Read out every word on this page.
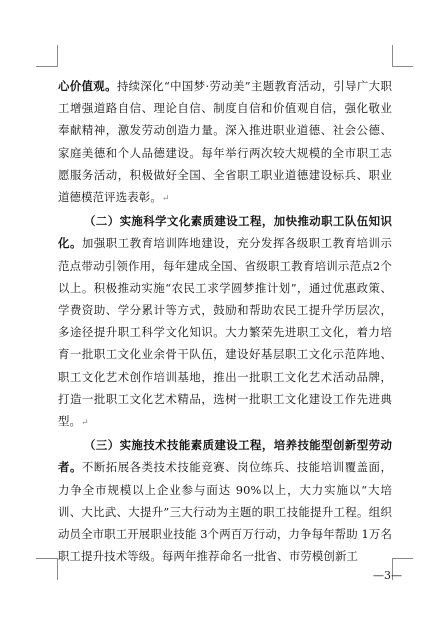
心价值观。持续深化“中国梦·劳动美”主题教育活动，引导广大职工增强道路自信、理论自信、制度自信和价值观自信，强化敬业奉献精神，激发劳动创造力量。深入推进职业道德、社会公德、家庭美德和个人品德建设。每年举行两次较大规模的全市职工志愿服务活动，积极做好全国、全省职工职业道德建设标兵、职业道德模范评选表彰。↵

（二）实施科学文化素质建设工程，加快推动职工队伍知识化。加强职工教育培训阵地建设，充分发挥各级职工教育培训示范点带动引领作用，每年建成全国、省级职工教育培训示范点2个以上。积极推动实施“农民工求学圆梦推计划”，通过优惠政策、学费资助、学分累计等方式，鼓励和帮助农民工提升学历层次，多途径提升职工科学文化知识。大力繁荣先进职工文化，着力培育一批职工文化业余骨干队伍，建设好基层职工文化示范阵地、职工文化艺术创作培训基地，推出一批职工文化艺术活动品牌，打造一批职工文化艺术精品，选树一批职工文化建设工作先进典型。↵

（三）实施技术技能素质建设工程，培养技能型创新型劳动者。不断拓展各类技术技能竞赛、岗位练兵、技能培训覆盖面，力争全市规模以上企业参与面达 90%以上，大力实施以“大培训、大比武、大提升”三大行动为主题的职工技能提升工程。组织动员全市职工开展职业技能 3个两百万行动，力争每年帮助 1万名职工提升技术等级。每两年推荐命名一批省、市劳模创新工

—3—
